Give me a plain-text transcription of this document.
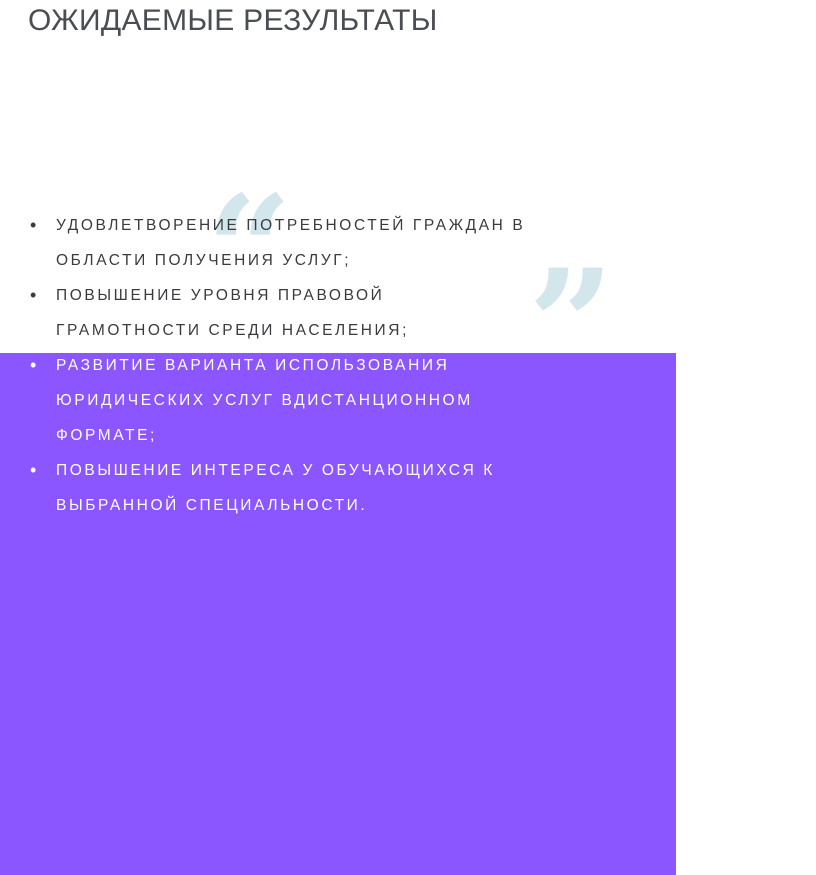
ОЖИДАЕМЫЕ РЕЗУЛЬТАТЫ
“ ”
• УДОВЛЕТВОРЕНИЕ ПОТРЕБНОСТЕЙ ГРАЖДАН В
ОБЛАСТИ ПОЛУЧЕНИЯ УСЛУГ;
• ПОВЫШЕНИЕ УРОВНЯ ПРАВОВОЙ
ГРАМОТНОСТИ СРЕДИ НАСЕЛЕНИЯ;
• РАЗВИТИЕ ВАРИАНТА ИСПОЛЬЗОВАНИЯ
ЮРИДИЧЕСКИХ УСЛУГ ВДИСТАНЦИОННОМ
ФОРМАТЕ;
• ПОВЫШЕНИЕ ИНТЕРЕСА У ОБУЧАЮЩИХСЯ К
ВЫБРАННОЙ СПЕЦИАЛЬНОСТИ.
